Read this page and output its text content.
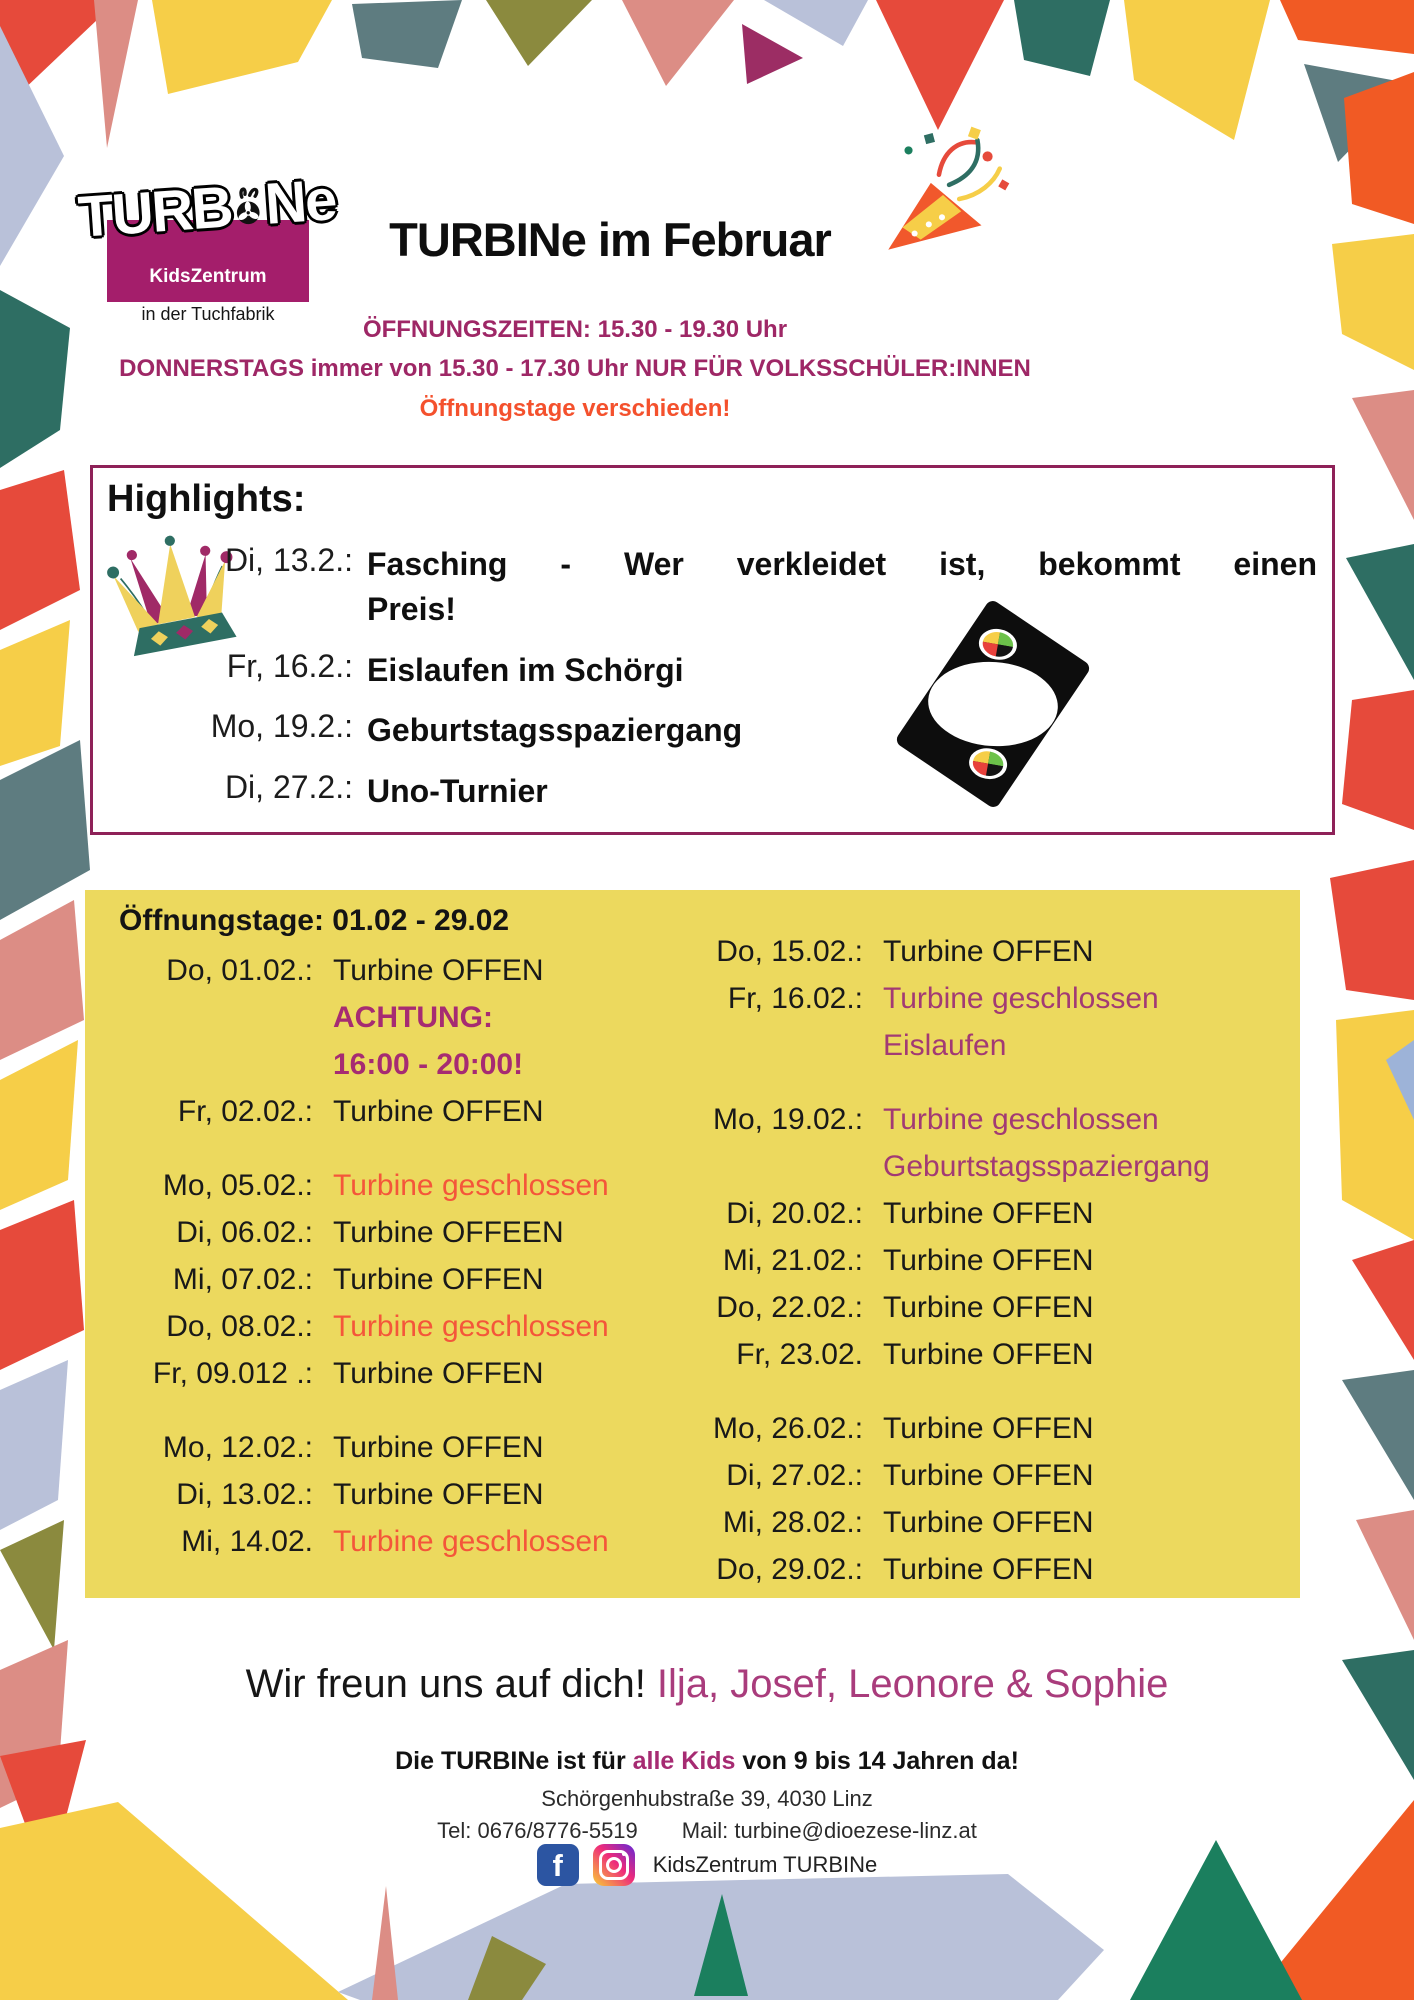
TURB Ne
KidsZentrum
in der Tuchfabrik
TURBINe im Februar
ÖFFNUNGSZEITEN: 15.30 - 19.30 Uhr
DONNERSTAGS immer von 15.30 - 17.30 Uhr NUR FÜR VOLKSSCHÜLER:INNEN
Öffnungstage verschieden!
Highlights:
Di, 13.2.: Fasching - Wer verkleidet ist, bekommt einen
Preis!
Fr, 16.2.: Eislaufen im Schörgi
Mo, 19.2.: Geburtstagsspaziergang
Di, 27.2.: Uno-Turnier
Öffnungstage: 01.02 - 29.02
Do, 01.02.: Turbine OFFEN
ACHTUNG:
16:00 - 20:00!
Fr, 02.02.: Turbine OFFEN
Mo, 05.02.: Turbine geschlossen
Di, 06.02.: Turbine OFFEEN
Mi, 07.02.: Turbine OFFEN
Do, 08.02.: Turbine geschlossen
Fr, 09.012 .: Turbine OFFEN
Mo, 12.02.: Turbine OFFEN
Di, 13.02.: Turbine OFFEN
Mi, 14.02. Turbine geschlossen
Do, 15.02.: Turbine OFFEN
Fr, 16.02.: Turbine geschlossen
Eislaufen
Mo, 19.02.: Turbine geschlossen
Geburtstagsspaziergang
Di, 20.02.: Turbine OFFEN
Mi, 21.02.: Turbine OFFEN
Do, 22.02.: Turbine OFFEN
Fr, 23.02. Turbine OFFEN
Mo, 26.02.: Turbine OFFEN
Di, 27.02.: Turbine OFFEN
Mi, 28.02.: Turbine OFFEN
Do, 29.02.: Turbine OFFEN
Wir freun uns auf dich! Ilja, Josef, Leonore & Sophie
Die TURBINe ist für alle Kids von 9 bis 14 Jahren da!
Schörgenhubstraße 39, 4030 Linz
Tel: 0676/8776-5519 Mail: turbine@dioezese-linz.at
f	KidsZentrum TURBINe
